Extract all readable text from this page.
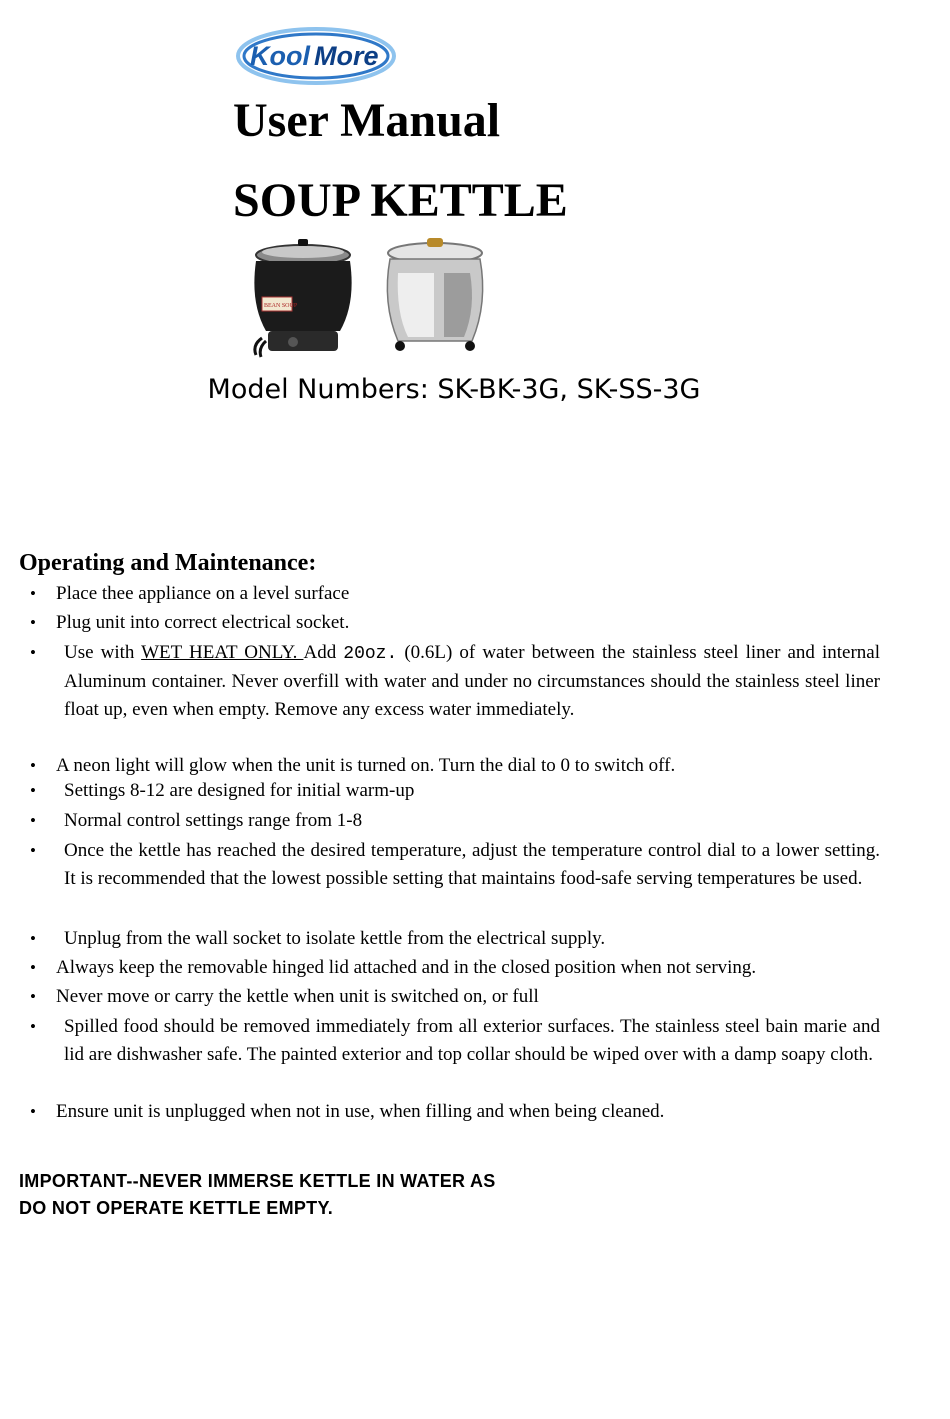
Kool More
User Manual
SOUP KETTLE
BEAN SOUP
Model Numbers: SK-BK-3G, SK-SS-3G
Operating and Maintenance:
• Place thee appliance on a level surface
• Plug unit into correct electrical socket.
• Use with WET HEAT ONLY. Add 20oz. (0.6L) of water between the stainless steel liner and internal Aluminum container. Never overfill with water and under no circumstances should the stainless steel liner float up, even when empty. Remove any excess water immediately.
• A neon light will glow when the unit is turned on. Turn the dial to 0 to switch off.
• Settings 8-12 are designed for initial warm-up
• Normal control settings range from 1-8
• Once the kettle has reached the desired temperature, adjust the temperature control dial to a lower setting. It is recommended that the lowest possible setting that maintains food-safe serving temperatures be used.
• Unplug from the wall socket to isolate kettle from the electrical supply.
• Always keep the removable hinged lid attached and in the closed position when not serving.
• Never move or carry the kettle when unit is switched on, or full
• Spilled food should be removed immediately from all exterior surfaces. The stainless steel bain marie and lid are dishwasher safe. The painted exterior and top collar should be wiped over with a damp soapy cloth.
• Ensure unit is unplugged when not in use, when filling and when being cleaned.
IMPORTANT--NEVER IMMERSE KETTLE IN WATER AS
DO NOT OPERATE KETTLE EMPTY.
